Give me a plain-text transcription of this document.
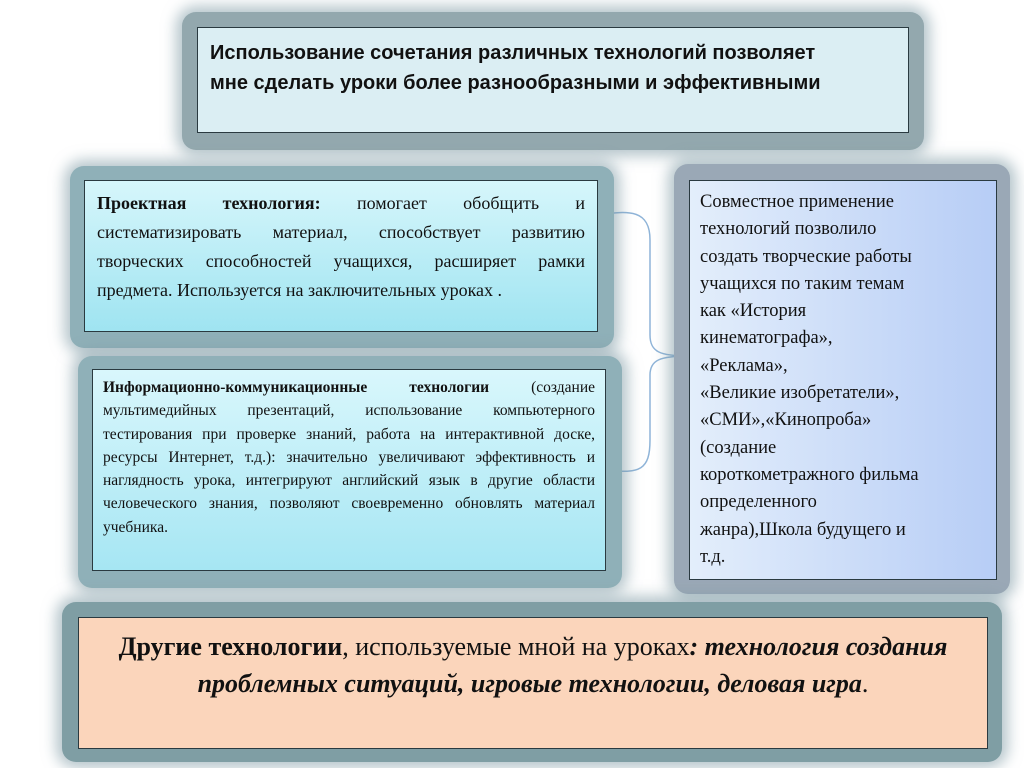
Использование сочетания различных технологий позволяет
мне сделать уроки более разнообразными и эффективными
Проектная технология: помогает обобщить и систематизировать материал, способствует развитию творческих способностей учащихся, расширяет рамки предмета. Используется на заключительных уроках .
Информационно-коммуникационные технологии (создание мультимедийных презентаций, использование компьютерного тестирования при проверке знаний, работа на интерактивной доске, ресурсы Интернет, т.д.): значительно увеличивают эффективность и наглядность урока, интегрируют английский язык в другие области человеческого знания, позволяют своевременно обновлять материал учебника.
Совместное применение
технологий позволило
создать творческие работы
учащихся по таким темам
как «История
кинематографа»,
«Реклама»,
«Великие изобретатели»,
«СМИ»,«Кинопроба»
(создание
короткометражного фильма
определенного
жанра),Школа будущего и
т.д.
Другие технологии, используемые мной на уроках: технология создания проблемных ситуаций, игровые технологии, деловая игра.
